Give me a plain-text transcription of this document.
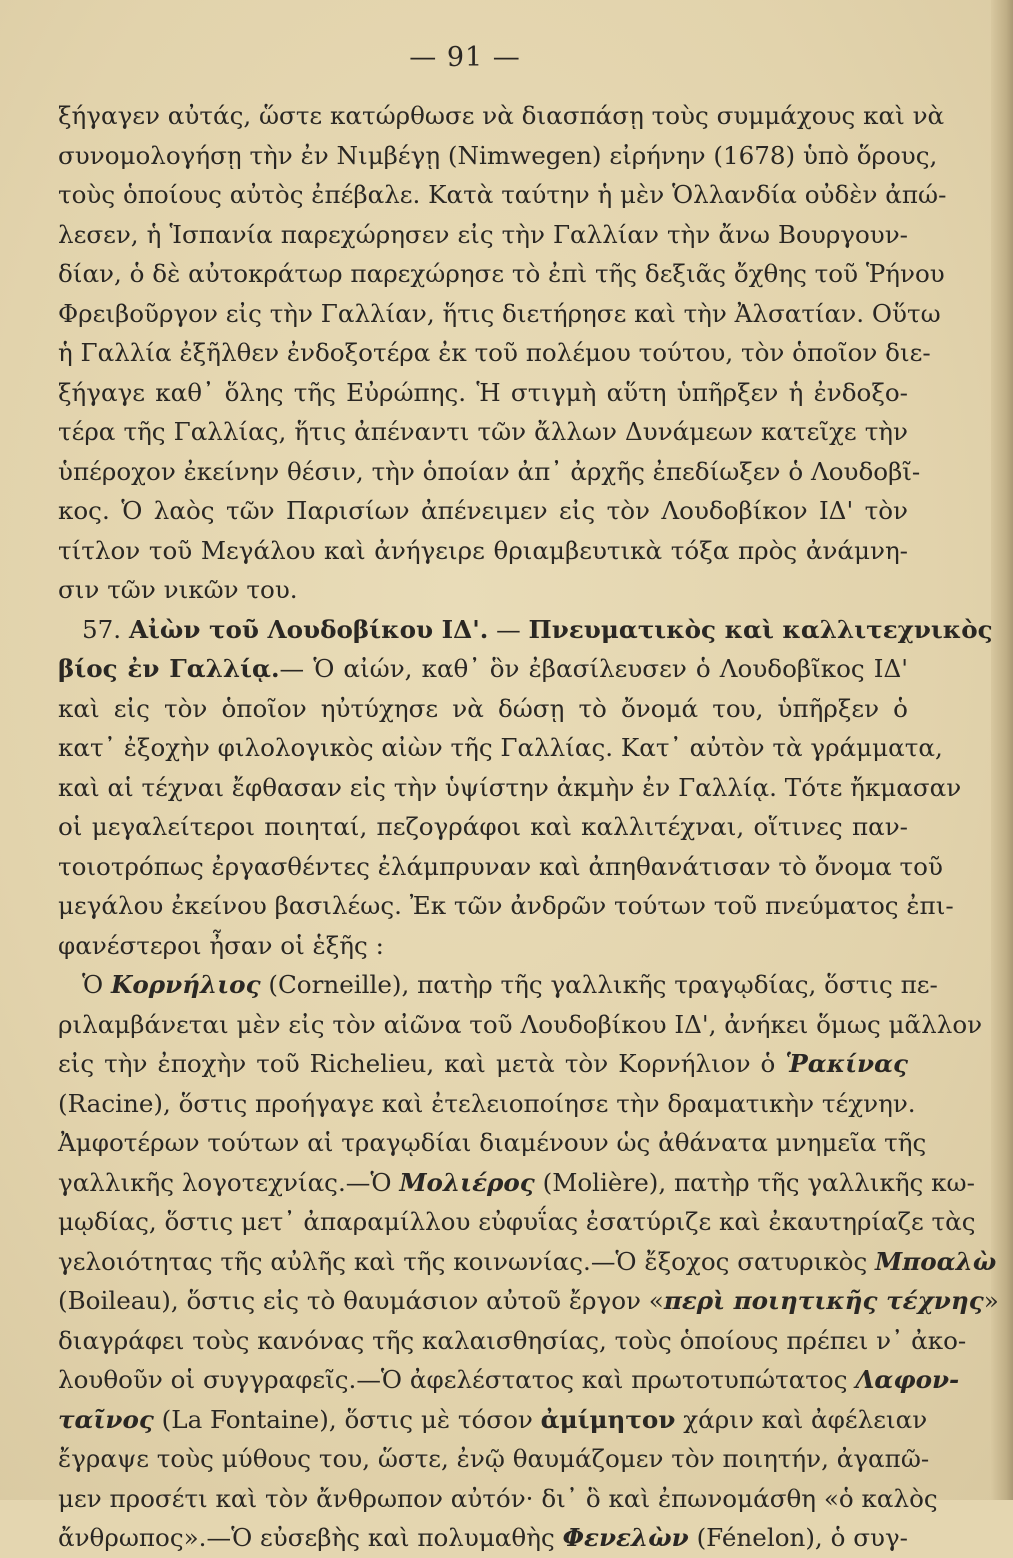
— 91 —
ξήγαγεν αὐτάς, ὥστε κατώρθωσε νὰ διασπάσῃ τοὺς συμμάχους καὶ νὰ
συνομολογήσῃ τὴν ἐν Νιμβέγῃ (Nimwegen) εἰρήνην (1678) ὑπὸ ὅρους,
τοὺς ὁποίους αὐτὸς ἐπέβαλε. Κατὰ ταύτην ἡ μὲν Ὁλλανδία οὐδὲν ἀπώ-
λεσεν, ἡ Ἱσπανία παρεχώρησεν εἰς τὴν Γαλλίαν τὴν ἄνω Βουργουν-
δίαν, ὁ δὲ αὐτοκράτωρ παρεχώρησε τὸ ἐπὶ τῆς δεξιᾶς ὄχθης τοῦ Ῥήνου
Φρειβοῦργον εἰς τὴν Γαλλίαν, ἥτις διετήρησε καὶ τὴν Ἀλσατίαν. Οὕτω
ἡ Γαλλία ἐξῆλθεν ἐνδοξοτέρα ἐκ τοῦ πολέμου τούτου, τὸν ὁποῖον διε-
ξήγαγε καθ᾽ ὅλης τῆς Εὐρώπης. Ἡ στιγμὴ αὕτη ὑπῆρξεν ἡ ἐνδοξο-
τέρα τῆς Γαλλίας, ἥτις ἀπέναντι τῶν ἄλλων Δυνάμεων κατεῖχε τὴν
ὑπέροχον ἐκείνην θέσιν, τὴν ὁποίαν ἀπ᾽ ἀρχῆς ἐπεδίωξεν ὁ Λουδοβῖ-
κος. Ὁ λαὸς τῶν Παρισίων ἀπένειμεν εἰς τὸν Λουδοβίκον ΙΔ' τὸν
τίτλον τοῦ Μεγάλου καὶ ἀνήγειρε θριαμβευτικὰ τόξα πρὸς ἀνάμνη-
σιν τῶν νικῶν του.
57. Αἰὼν τοῦ Λουδοβίκου ΙΔ'. — Πνευματικὸς καὶ καλλιτεχνικὸς
βίος ἐν Γαλλίᾳ.— Ὁ αἰών, καθ᾽ ὃν ἐβασίλευσεν ὁ Λουδοβῖκος ΙΔ'
καὶ εἰς τὸν ὁποῖον ηὐτύχησε νὰ δώσῃ τὸ ὄνομά του, ὑπῆρξεν ὁ
κατ᾽ ἐξοχὴν φιλολογικὸς αἰὼν τῆς Γαλλίας. Κατ᾽ αὐτὸν τὰ γράμματα,
καὶ αἱ τέχναι ἔφθασαν εἰς τὴν ὑψίστην ἀκμὴν ἐν Γαλλίᾳ. Τότε ἤκμασαν
οἱ μεγαλείτεροι ποιηταί, πεζογράφοι καὶ καλλιτέχναι, οἵτινες παν-
τοιοτρόπως ἐργασθέντες ἐλάμπρυναν καὶ ἀπηθανάτισαν τὸ ὄνομα τοῦ
μεγάλου ἐκείνου βασιλέως. Ἐκ τῶν ἀνδρῶν τούτων τοῦ πνεύματος ἐπι-
φανέστεροι ἦσαν οἱ ἑξῆς :
Ὁ Κορνήλιος (Corneille), πατὴρ τῆς γαλλικῆς τραγῳδίας, ὅστις πε-
ριλαμβάνεται μὲν εἰς τὸν αἰῶνα τοῦ Λουδοβίκου ΙΔ', ἀνήκει ὅμως μᾶλλον
εἰς τὴν ἐποχὴν τοῦ Richelieu, καὶ μετὰ τὸν Κορνήλιον ὁ Ῥακίνας
(Racine), ὅστις προήγαγε καὶ ἐτελειοποίησε τὴν δραματικὴν τέχνην.
Ἀμφοτέρων τούτων αἱ τραγῳδίαι διαμένουν ὡς ἀθάνατα μνημεῖα τῆς
γαλλικῆς λογοτεχνίας.—Ὁ Μολιέρος (Molière), πατὴρ τῆς γαλλικῆς κω-
μῳδίας, ὅστις μετ᾽ ἀπαραμίλλου εὐφυΐας ἐσατύριζε καὶ ἐκαυτηρίαζε τὰς
γελοιότητας τῆς αὐλῆς καὶ τῆς κοινωνίας.—Ὁ ἔξοχος σατυρικὸς Μποαλὼ
(Boileau), ὅστις εἰς τὸ θαυμάσιον αὐτοῦ ἔργον «περὶ ποιητικῆς τέχνης»
διαγράφει τοὺς κανόνας τῆς καλαισθησίας, τοὺς ὁποίους πρέπει ν᾽ ἀκο-
λουθοῦν οἱ συγγραφεῖς.—Ὁ ἀφελέστατος καὶ πρωτοτυπώτατος Λαφον-
ταῖνος (La Fontaine), ὅστις μὲ τόσον ἀμίμητον χάριν καὶ ἀφέλειαν
ἔγραψε τοὺς μύθους του, ὥστε, ἐνῷ θαυμάζομεν τὸν ποιητήν, ἀγαπῶ-
μεν προσέτι καὶ τὸν ἄνθρωπον αὐτόν· δι᾽ ὃ καὶ ἐπωνομάσθη «ὁ καλὸς
ἄνθρωπος».—Ὁ εὐσεβὴς καὶ πολυμαθὴς Φενελὼν (Fénelon), ὁ συγ-
